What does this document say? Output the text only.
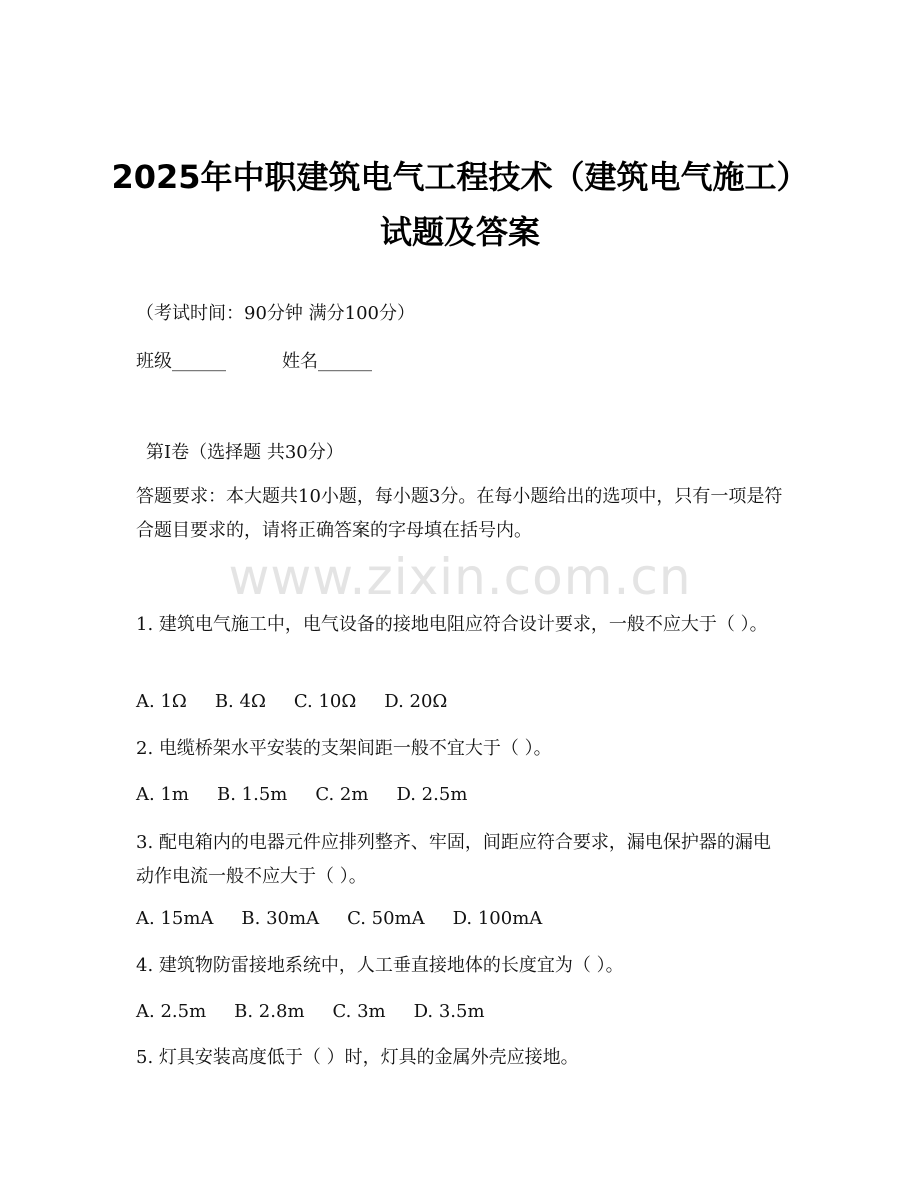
2025年中职建筑电气工程技术（建筑电气施工）试题及答案
（考试时间：90分钟 满分100分）
班级______	姓名______
第Ⅰ卷（选择题 共30分）
答题要求：本大题共10小题，每小题3分。在每小题给出的选项中，只有一项是符合题目要求的，请将正确答案的字母填在括号内。
www.zixin.com.cn
1. 建筑电气施工中，电气设备的接地电阻应符合设计要求，一般不应大于（ ）。
A. 1Ω B. 4Ω C. 10Ω D. 20Ω
2. 电缆桥架水平安装的支架间距一般不宜大于（ ）。
A. 1m B. 1.5m C. 2m D. 2.5m
3. 配电箱内的电器元件应排列整齐、牢固，间距应符合要求，漏电保护器的漏电动作电流一般不应大于（ ）。
A. 15mA B. 30mA C. 50mA D. 100mA
4. 建筑物防雷接地系统中，人工垂直接地体的长度宜为（ ）。
A. 2.5m B. 2.8m C. 3m D. 3.5m
5. 灯具安装高度低于（ ）时，灯具的金属外壳应接地。
